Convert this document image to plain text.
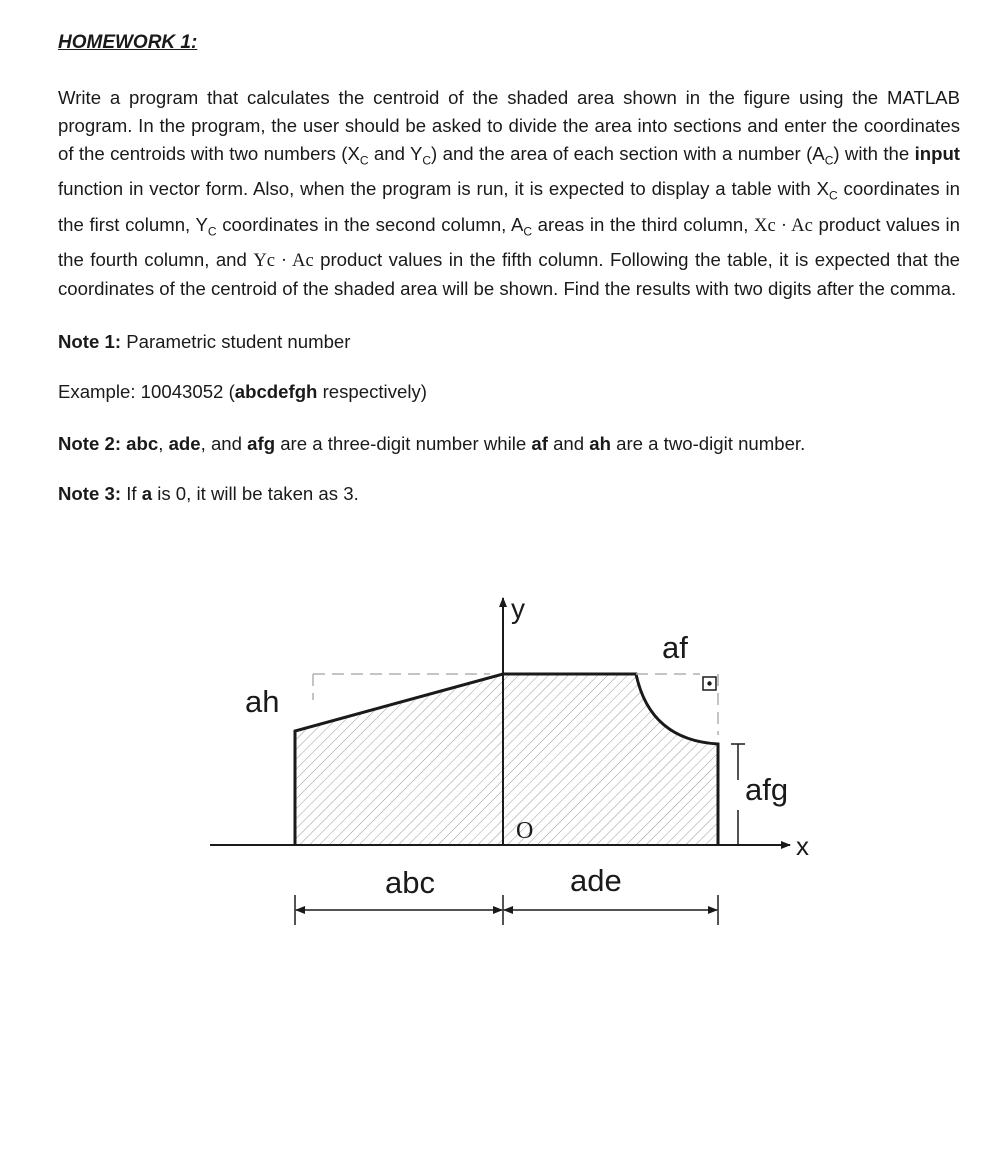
HOMEWORK 1:

Write a program that calculates the centroid of the shaded area shown in the figure using the MATLAB program. In the program, the user should be asked to divide the area into sections and enter the coordinates of the centroids with two numbers ($X_C$ and $Y_C$) and the area of each section with a number $(A_C)$ with the input function in vector form. Also, when the program is run, it is expected to display a table with $X_C$ coordinates in the first column, $Y_C$ coordinates in the second column, $A_C$ areas in the third column, Xc · Ac product values in the fourth column, and Yc · Ac product values in the fifth column. Following the table, it is expected that the coordinates of the centroid of the shaded area will be shown. Find the results with two digits after the comma.

Note 1: Parametric student number

Example: 10043052 (abcdefgh respectively)

Note 2: abc, ade, and afg are a three-digit number while af and ah are a two-digit number.

Note 3: If a is 0, it will be taken as 3.

x
y
O
af
ah
afg
abc	ade
